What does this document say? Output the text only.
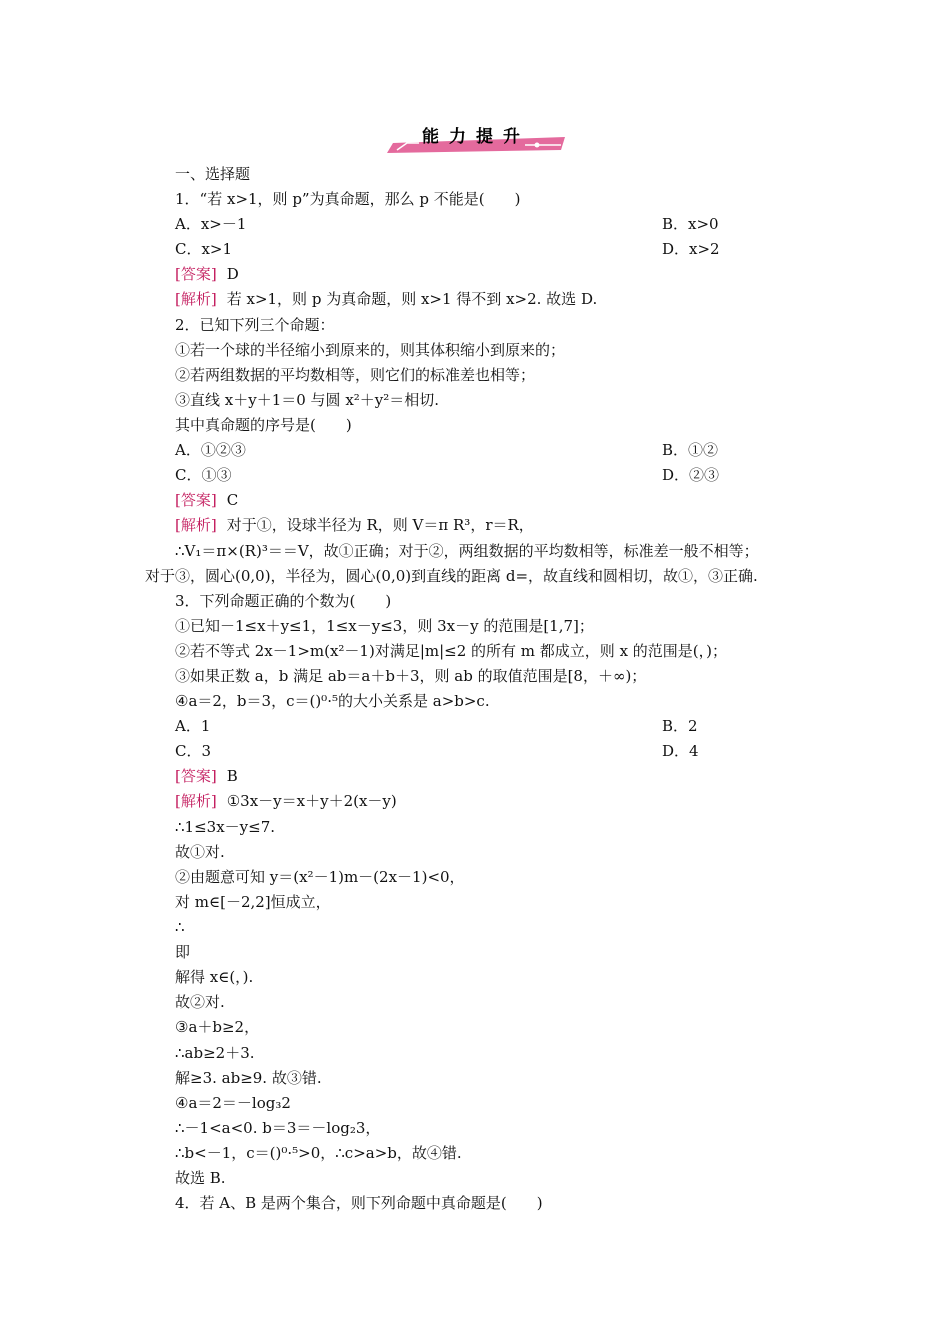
能力提升
一、选择题
1．“若 x>1，则 p”为真命题，那么 p 不能是(　　)
A．x>－1	B．x>0
C．x>1	D．x>2
[答案] D
[解析] 若 x>1，则 p 为真命题，则 x>1 得不到 x>2. 故选 D.
2．已知下列三个命题：
①若一个球的半径缩小到原来的，则其体积缩小到原来的；
②若两组数据的平均数相等，则它们的标准差也相等；
③直线 x＋y＋1＝0 与圆 x²＋y²＝相切.
其中真命题的序号是(　　)
A．①②③	B．①②
C．①③	D．②③
[答案] C
[解析] 对于①，设球半径为 R，则 V＝π R³，r＝R，
∴V₁＝π×(R)³＝＝V，故①正确；对于②，两组数据的平均数相等，标准差一般不相等；
对于③，圆心(0,0)，半径为，圆心(0,0)到直线的距离 d=，故直线和圆相切，故①，③正确.
3．下列命题正确的个数为(　　)
①已知－1≤x＋y≤1，1≤x－y≤3，则 3x－y 的范围是[1,7]；
②若不等式 2x－1>m(x²－1)对满足|m|≤2 的所有 m 都成立，则 x 的范围是(，)；
③如果正数 a，b 满足 ab＝a＋b＋3，则 ab 的取值范围是[8，＋∞)；
④a＝2，b＝3，c＝()⁰·⁵的大小关系是 a>b>c.
A．1	B．2
C．3	D．4
[答案] B
[解析] ①3x－y＝x＋y＋2(x－y)
∴1≤3x－y≤7.
故①对.
②由题意可知 y＝(x²－1)m－(2x－1)<0，
对 m∈[－2,2]恒成立，
∴
即
解得 x∈(，).
故②对.
③a＋b≥2，
∴ab≥2＋3.
解≥3. ab≥9. 故③错.
④a＝2＝－log₃2
∴－1<a<0. b＝3＝－log₂3，
∴b<－1，c＝()⁰·⁵>0，∴c>a>b，故④错.
故选 B.
4．若 A、B 是两个集合，则下列命题中真命题是(　　)
